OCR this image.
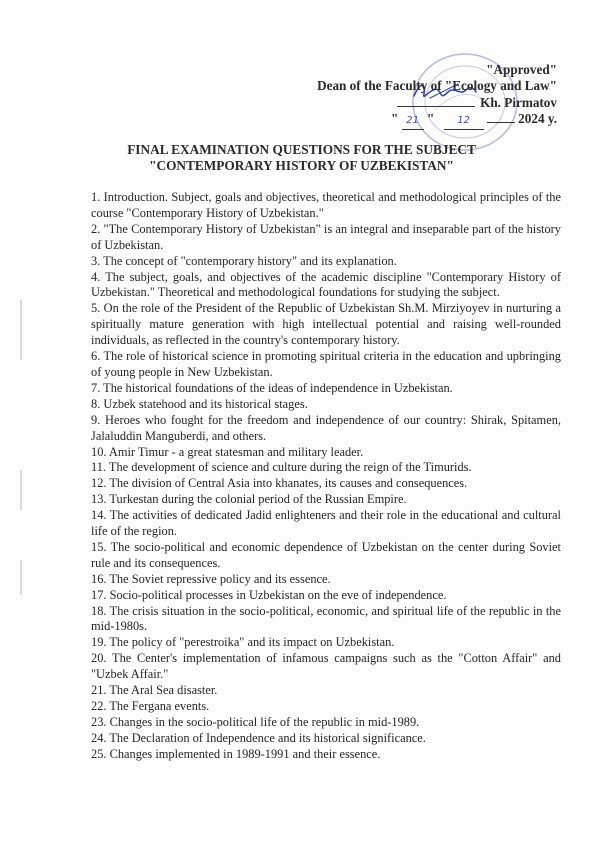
"Approved"
Dean of the Faculty of "Ecology and Law"
Kh. Pirmatov
" 21 " 12	2024 y.
FINAL EXAMINATION QUESTIONS FOR THE SUBJECT
"CONTEMPORARY HISTORY OF UZBEKISTAN"

1. Introduction. Subject, goals and objectives, theoretical and methodological principles of the course "Contemporary History of Uzbekistan."

2. "The Contemporary History of Uzbekistan" is an integral and inseparable part of the history of Uzbekistan.

3. The concept of "contemporary history" and its explanation.

4. The subject, goals, and objectives of the academic discipline "Contemporary History of Uzbekistan." Theoretical and methodological foundations for studying the subject.

5. On the role of the President of the Republic of Uzbekistan Sh.M. Mirziyoyev in nurturing a spiritually mature generation with high intellectual potential and raising well-rounded individuals, as reflected in the country's contemporary history.

6. The role of historical science in promoting spiritual criteria in the education and upbringing of young people in New Uzbekistan.

7. The historical foundations of the ideas of independence in Uzbekistan.

8. Uzbek statehood and its historical stages.

9. Heroes who fought for the freedom and independence of our country: Shirak, Spitamen, Jalaluddin Manguberdi, and others.

10. Amir Timur - a great statesman and military leader.

11. The development of science and culture during the reign of the Timurids.

12. The division of Central Asia into khanates, its causes and consequences.

13. Turkestan during the colonial period of the Russian Empire.

14. The activities of dedicated Jadid enlighteners and their role in the educational and cultural life of the region.

15. The socio-political and economic dependence of Uzbekistan on the center during Soviet rule and its consequences.

16. The Soviet repressive policy and its essence.

17. Socio-political processes in Uzbekistan on the eve of independence.

18. The crisis situation in the socio-political, economic, and spiritual life of the republic in the mid-1980s.

19. The policy of "perestroika" and its impact on Uzbekistan.

20. The Center's implementation of infamous campaigns such as the "Cotton Affair" and "Uzbek Affair."

21. The Aral Sea disaster.

22. The Fergana events.

23. Changes in the socio-political life of the republic in mid-1989.

24. The Declaration of Independence and its historical significance.

25. Changes implemented in 1989-1991 and their essence.
